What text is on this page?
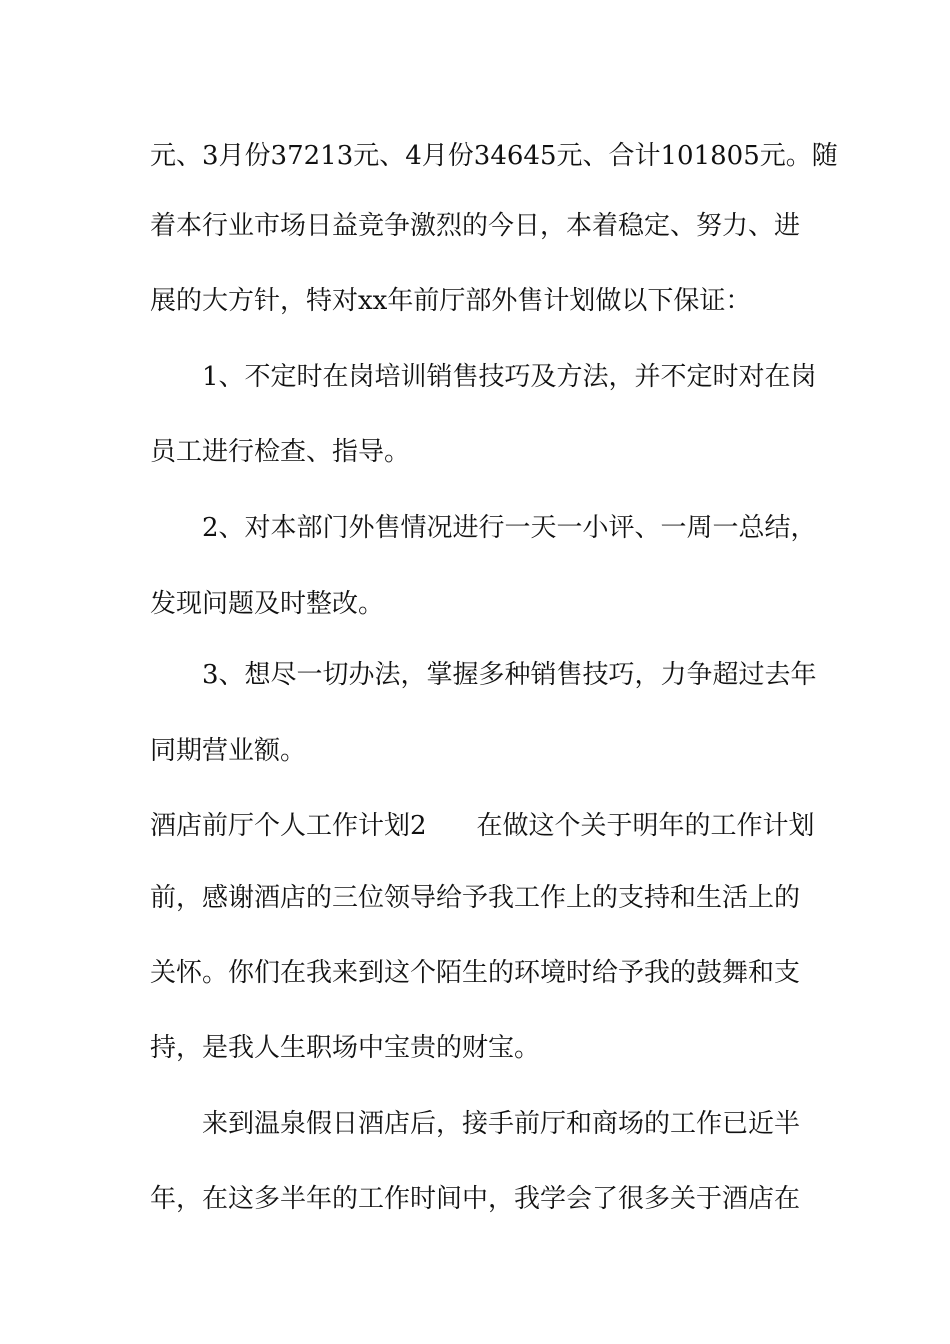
元、3月份37213元、4月份34645元、合计101805元。随
着本行业市场日益竞争激烈的今日，本着稳定、努力、进
展的大方针，特对xx年前厅部外售计划做以下保证：
1、不定时在岗培训销售技巧及方法，并不定时对在岗
员工进行检查、指导。
2、对本部门外售情况进行一天一小评、一周一总结，
发现问题及时整改。
3、想尽一切办法，掌握多种销售技巧，力争超过去年
同期营业额。
酒店前厅个人工作计划2 在做这个关于明年的工作计划
前，感谢酒店的三位领导给予我工作上的支持和生活上的
关怀。你们在我来到这个陌生的环境时给予我的鼓舞和支
持，是我人生职场中宝贵的财宝。
来到温泉假日酒店后，接手前厅和商场的工作已近半
年，在这多半年的工作时间中，我学会了很多关于酒店在
